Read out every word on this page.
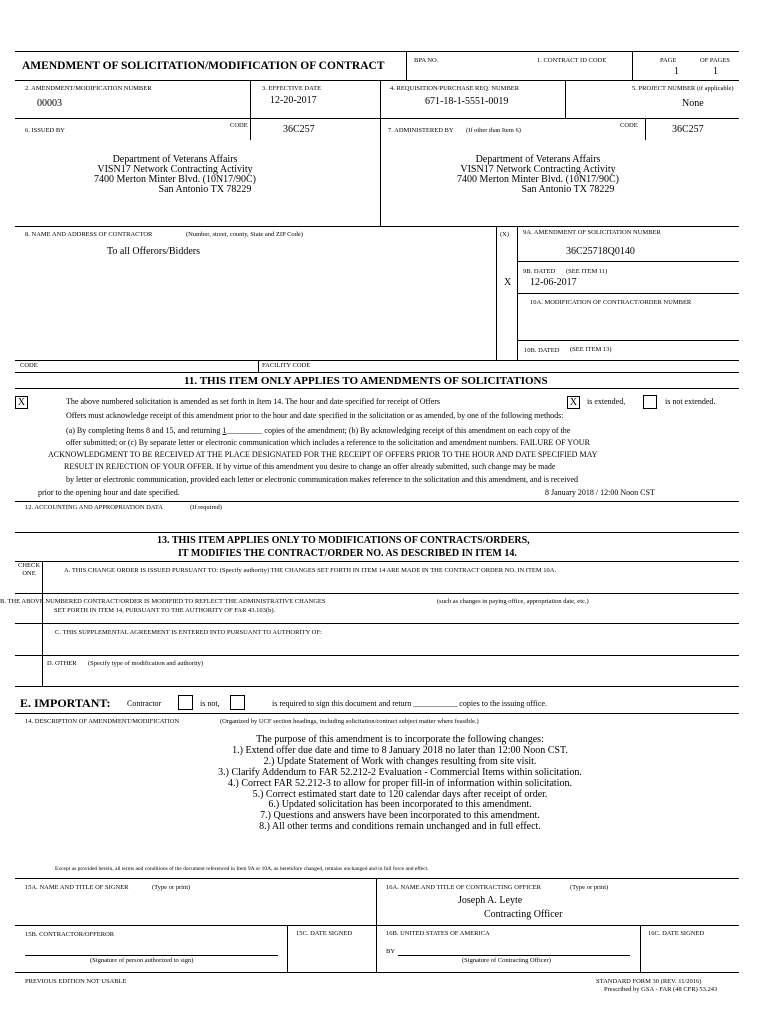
AMENDMENT OF SOLICITATION/MODIFICATION OF CONTRACT	BPA NO.	1. CONTRACT ID CODE	PAGE	OF PAGES
1	1
2. AMENDMENT/MODIFICATION NUMBER
00003
3. EFFECTIVE DATE
12-20-2017
4. REQUISITION/PURCHASE REQ. NUMBER
671-18-1-5551-0019
5. PROJECT NUMBER (if applicable)
None
6. ISSUED BY
CODE	36C257	7. ADMINISTERED BY (If other than Item 6)
CODE	36C257
Department of Veterans Affairs
VISN17 Network Contracting Activity
7400 Merton Minter Blvd. (10N17/90C)
San Antonio TX 78229
Department of Veterans Affairs
VISN17 Network Contracting Activity
7400 Merton Minter Blvd. (10N17/90C)
San Antonio TX 78229
8. NAME AND ADDRESS OF CONTRACTOR	(Number, street, county, State and ZIP Code)
To all Offerors/Bidders
(X) 9A. AMENDMENT OF SOLICITATION NUMBER
36C25718Q0140
9B. DATED (SEE ITEM 11)
X 12-06-2017
10A. MODIFICATION OF CONTRACT/ORDER NUMBER
10B. DATED (SEE ITEM 13)
CODE	FACILITY CODE
11. THIS ITEM ONLY APPLIES TO AMENDMENTS OF SOLICITATIONS
X	The above numbered solicitation is amended as set forth in Item 14. The hour and date specified for receipt of Offers	X	is extended,	is not extended.
Offers must acknowledge receipt of this amendment prior to the hour and date specified in the solicitation or as amended, by one of the following methods:
(a) By completing Items 8 and 15, and returning 1_________ copies of the amendment; (b) By acknowledging receipt of this amendment on each copy of the
offer submitted; or (c) By separate letter or electronic communication which includes a reference to the solicitation and amendment numbers. FAILURE OF YOUR
ACKNOWLEDGMENT TO BE RECEIVED AT THE PLACE DESIGNATED FOR THE RECEIPT OF OFFERS PRIOR TO THE HOUR AND DATE SPECIFIED MAY
RESULT IN REJECTION OF YOUR OFFER. If by virtue of this amendment you desire to change an offer already submitted, such change may be made
by letter or electronic communication, provided each letter or electronic communication makes reference to the solicitation and this amendment, and is received
prior to the opening hour and date specified.	8 January 2018 / 12:00 Noon CST
12. ACCOUNTING AND APPROPRIATION DATA	(If required)
13. THIS ITEM APPLIES ONLY TO MODIFICATIONS OF CONTRACTS/ORDERS,
IT MODIFIES THE CONTRACT/ORDER NO. AS DESCRIBED IN ITEM 14.
CHECK
ONE	A. THIS CHANGE ORDER IS ISSUED PURSUANT TO: (Specify authority) THE CHANGES SET FORTH IN ITEM 14 ARE MADE IN THE CONTRACT ORDER NO. IN ITEM 10A.
B. THE ABOVE NUMBERED CONTRACT/ORDER IS MODIFIED TO REFLECT THE ADMINISTRATIVE CHANGES	(such as changes in paying office, appropriation date, etc.)
SET FORTH IN ITEM 14, PURSUANT TO THE AUTHORITY OF FAR 43.103(b).
C. THIS SUPPLEMENTAL AGREEMENT IS ENTERED INTO PURSUANT TO AUTHORITY OF:
D. OTHER (Specify type of modification and authority)
E. IMPORTANT: Contractor	is not,	is required to sign this document and return ___________ copies to the issuing office.
14. DESCRIPTION OF AMENDMENT/MODIFICATION	(Organized by UCF section headings, including solicitation/contract subject matter where feasible.)
The purpose of this amendment is to incorporate the following changes:
1.) Extend offer due date and time to 8 January 2018 no later than 12:00 Noon CST.
2.) Update Statement of Work with changes resulting from site visit.
3.) Clarify Addendum to FAR 52.212-2 Evaluation - Commercial Items within solicitation.
4.) Correct FAR 52.212-3 to allow for proper fill-in of information within solicitation.
5.) Correct estimated start date to 120 calendar days after receipt of order.
6.) Updated solicitation has been incorporated to this amendment.
7.) Questions and answers have been incorporated to this amendment.
8.) All other terms and conditions remain unchanged and in full effect.
Except as provided herein, all terms and conditions of the document referenced in Item 9A or 10A, as heretofore changed, remains unchanged and in full force and effect.
15A. NAME AND TITLE OF SIGNER	(Type or print)	16A. NAME AND TITLE OF CONTRACTING OFFICER	(Type or print)
Joseph A. Leyte
Contracting Officer
15B. CONTRACTOR/OFFEROR	15C. DATE SIGNED	16B. UNITED STATES OF AMERICA	16C. DATE SIGNED
(Signature of person authorized to sign)
BY
(Signature of Contracting Officer)
PREVIOUS EDITION NOT USABLE	STANDARD FORM 30 (REV. 11/2016)
Prescribed by GSA - FAR (48 CFR) 53.243
